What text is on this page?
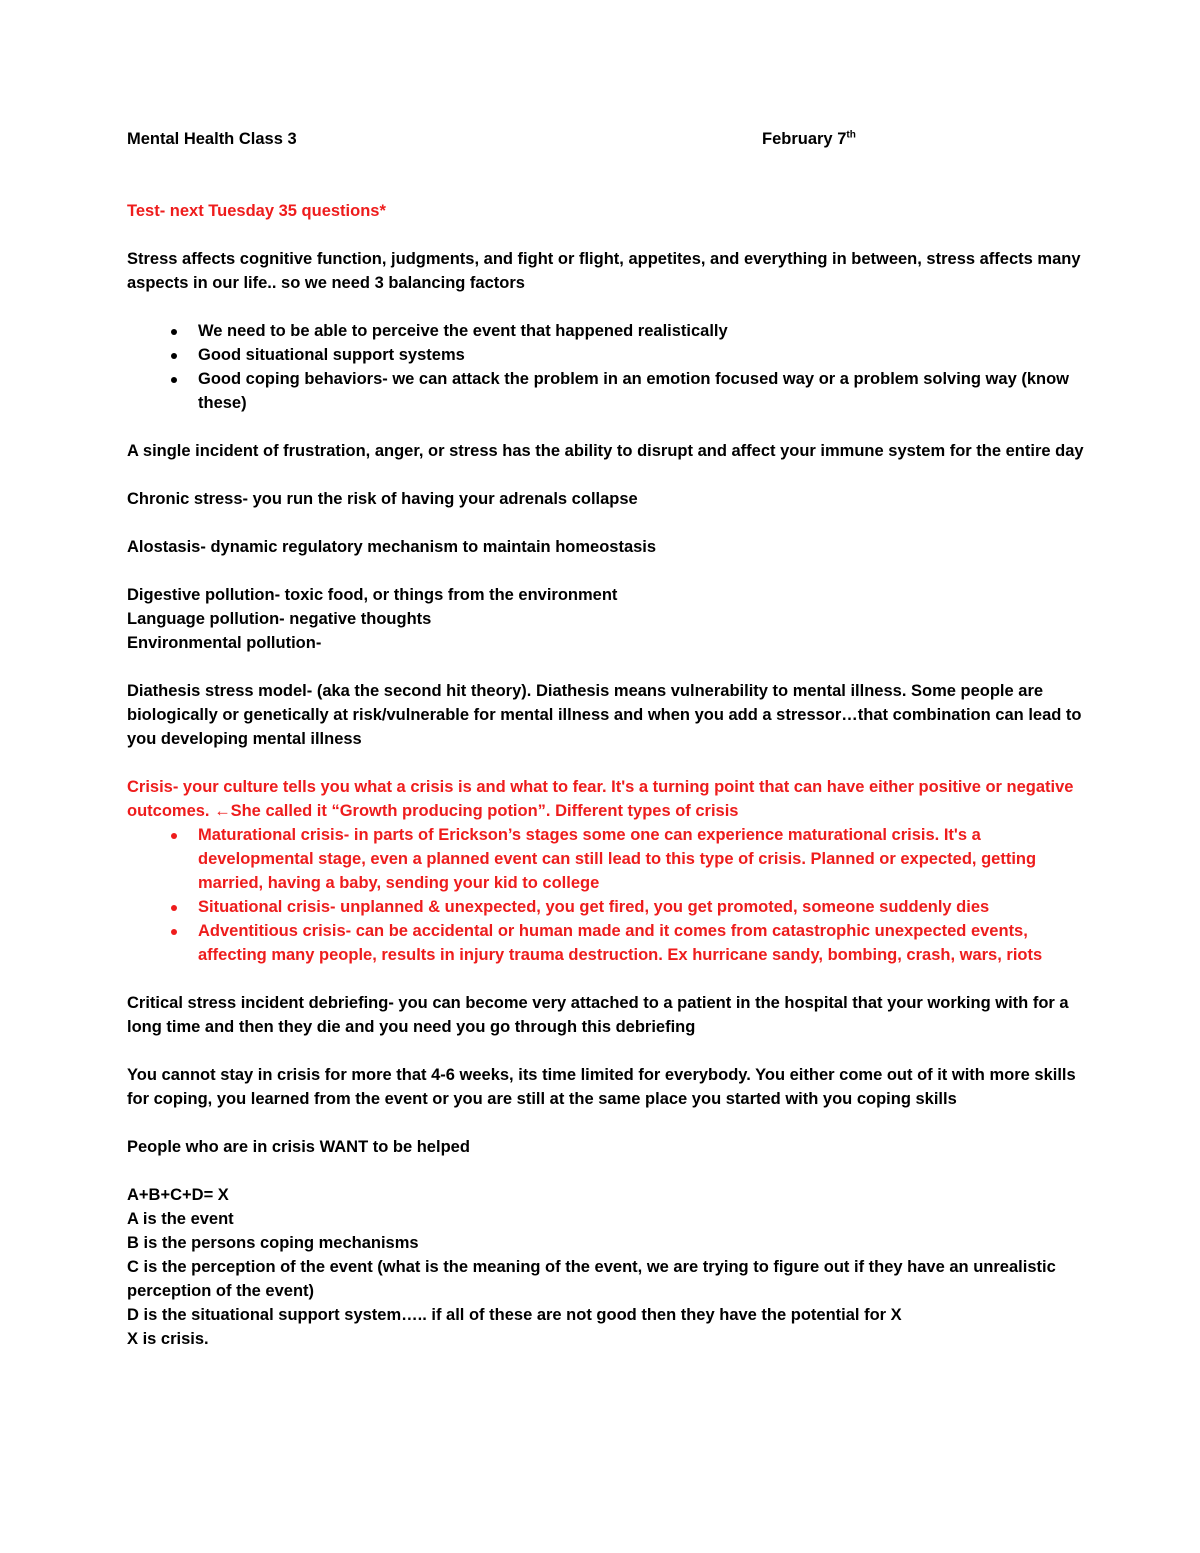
Mental Health Class 3	February 7th

Test- next Tuesday 35 questions*

Stress affects cognitive function, judgments, and fight or flight, appetites, and everything in between, stress affects many aspects in our life.. so we need 3 balancing factors

We need to be able to perceive the event that happened realistically
Good situational support systems
Good coping behaviors- we can attack the problem in an emotion focused way or a problem solving way (know these)

A single incident of frustration, anger, or stress has the ability to disrupt and affect your immune system for the entire day

Chronic stress- you run the risk of having your adrenals collapse

Alostasis- dynamic regulatory mechanism to maintain homeostasis

Digestive pollution- toxic food, or things from the environment
Language pollution- negative thoughts
Environmental pollution-

Diathesis stress model- (aka the second hit theory). Diathesis means vulnerability to mental illness. Some people are biologically or genetically at risk/vulnerable for mental illness and when you add a stressor…that combination can lead to you developing mental illness

Crisis- your culture tells you what a crisis is and what to fear. It's a turning point that can have either positive or negative outcomes. ←She called it “Growth producing potion”. Different types of crisis

Maturational crisis- in parts of Erickson’s stages some one can experience maturational crisis. It's a developmental stage, even a planned event can still lead to this type of crisis. Planned or expected, getting married, having a baby, sending your kid to college
Situational crisis- unplanned & unexpected, you get fired, you get promoted, someone suddenly dies
Adventitious crisis- can be accidental or human made and it comes from catastrophic unexpected events, affecting many people, results in injury trauma destruction. Ex hurricane sandy, bombing, crash, wars, riots

Critical stress incident debriefing- you can become very attached to a patient in the hospital that your working with for a long time and then they die and you need you go through this debriefing

You cannot stay in crisis for more that 4-6 weeks, its time limited for everybody. You either come out of it with more skills for coping, you learned from the event or you are still at the same place you started with you coping skills

People who are in crisis WANT to be helped

A+B+C+D= X
A is the event
B is the persons coping mechanisms
C is the perception of the event (what is the meaning of the event, we are trying to figure out if they have an unrealistic perception of the event)
D is the situational support system….. if all of these are not good then they have the potential for X
X is crisis.
